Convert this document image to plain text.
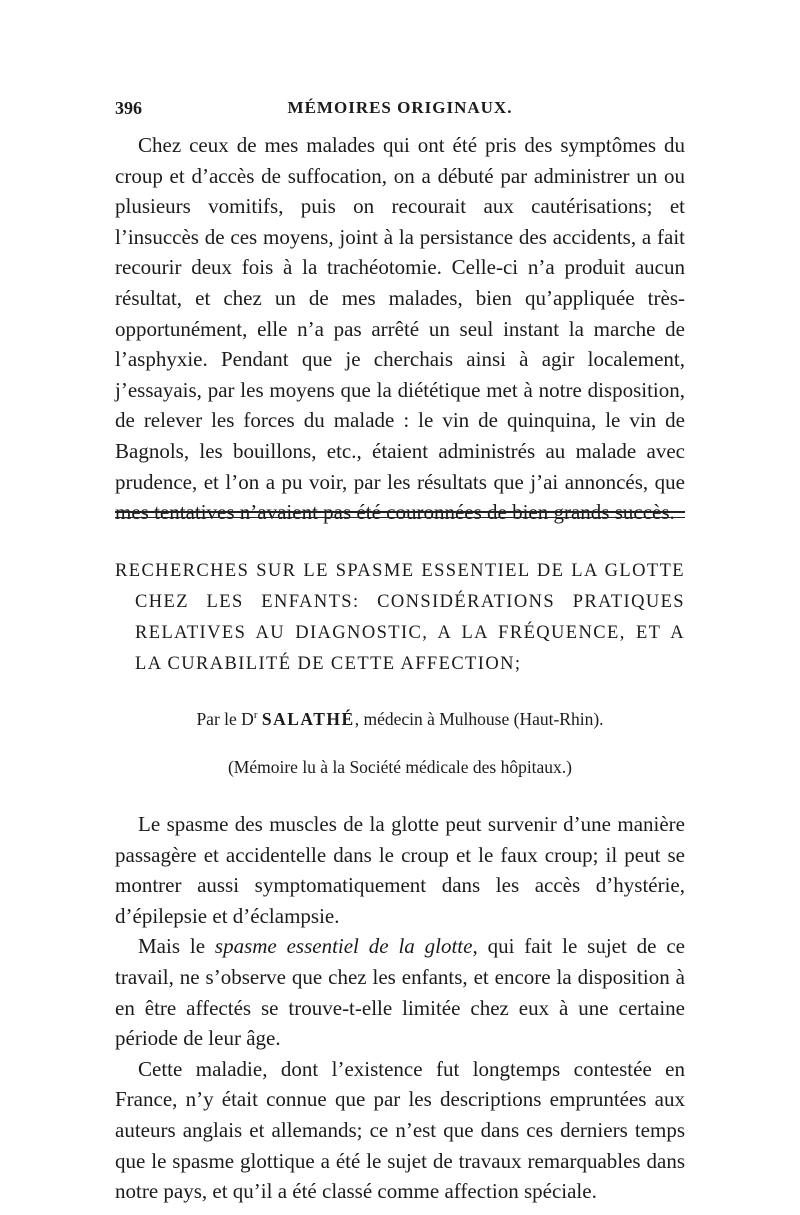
396	MÉMOIRES ORIGINAUX.

Chez ceux de mes malades qui ont été pris des symptômes du croup et d’accès de suffocation, on a débuté par administrer un ou plusieurs vomitifs, puis on recourait aux cautérisations; et l’insuccès de ces moyens, joint à la persistance des accidents, a fait recourir deux fois à la trachéotomie. Celle-ci n’a produit aucun résultat, et chez un de mes malades, bien qu’appliquée très-opportunément, elle n’a pas arrêté un seul instant la marche de l’asphyxie. Pendant que je cherchais ainsi à agir localement, j’essayais, par les moyens que la diététique met à notre disposition, de relever les forces du malade : le vin de quinquina, le vin de Bagnols, les bouillons, etc., étaient administrés au malade avec prudence, et l’on a pu voir, par les résultats que j’ai annoncés, que mes tentatives n’avaient pas été couronnées de bien grands succès.

RECHERCHES SUR LE SPASME ESSENTIEL DE LA GLOTTE CHEZ LES ENFANTS: CONSIDÉRATIONS PRATIQUES RELATIVES AU DIAGNOSTIC, A LA FRÉQUENCE, ET A LA CURABILITÉ DE CETTE AFFECTION;

Par le $D^r$ SALATHÉ, médecin à Mulhouse (Haut-Rhin).
(Mémoire lu à la Société médicale des hôpitaux.)

Le spasme des muscles de la glotte peut survenir d’une manière passagère et accidentelle dans le croup et le faux croup; il peut se montrer aussi symptomatiquement dans les accès d’hystérie, d’épilepsie et d’éclampsie.

Mais le spasme essentiel de la glotte, qui fait le sujet de ce travail, ne s’observe que chez les enfants, et encore la disposition à en être affectés se trouve-t-elle limitée chez eux à une certaine période de leur âge.

Cette maladie, dont l’existence fut longtemps contestée en France, n’y était connue que par les descriptions empruntées aux auteurs anglais et allemands; ce n’est que dans ces derniers temps que le spasme glottique a été le sujet de travaux remarquables dans notre pays, et qu’il a été classé comme affection spéciale.
